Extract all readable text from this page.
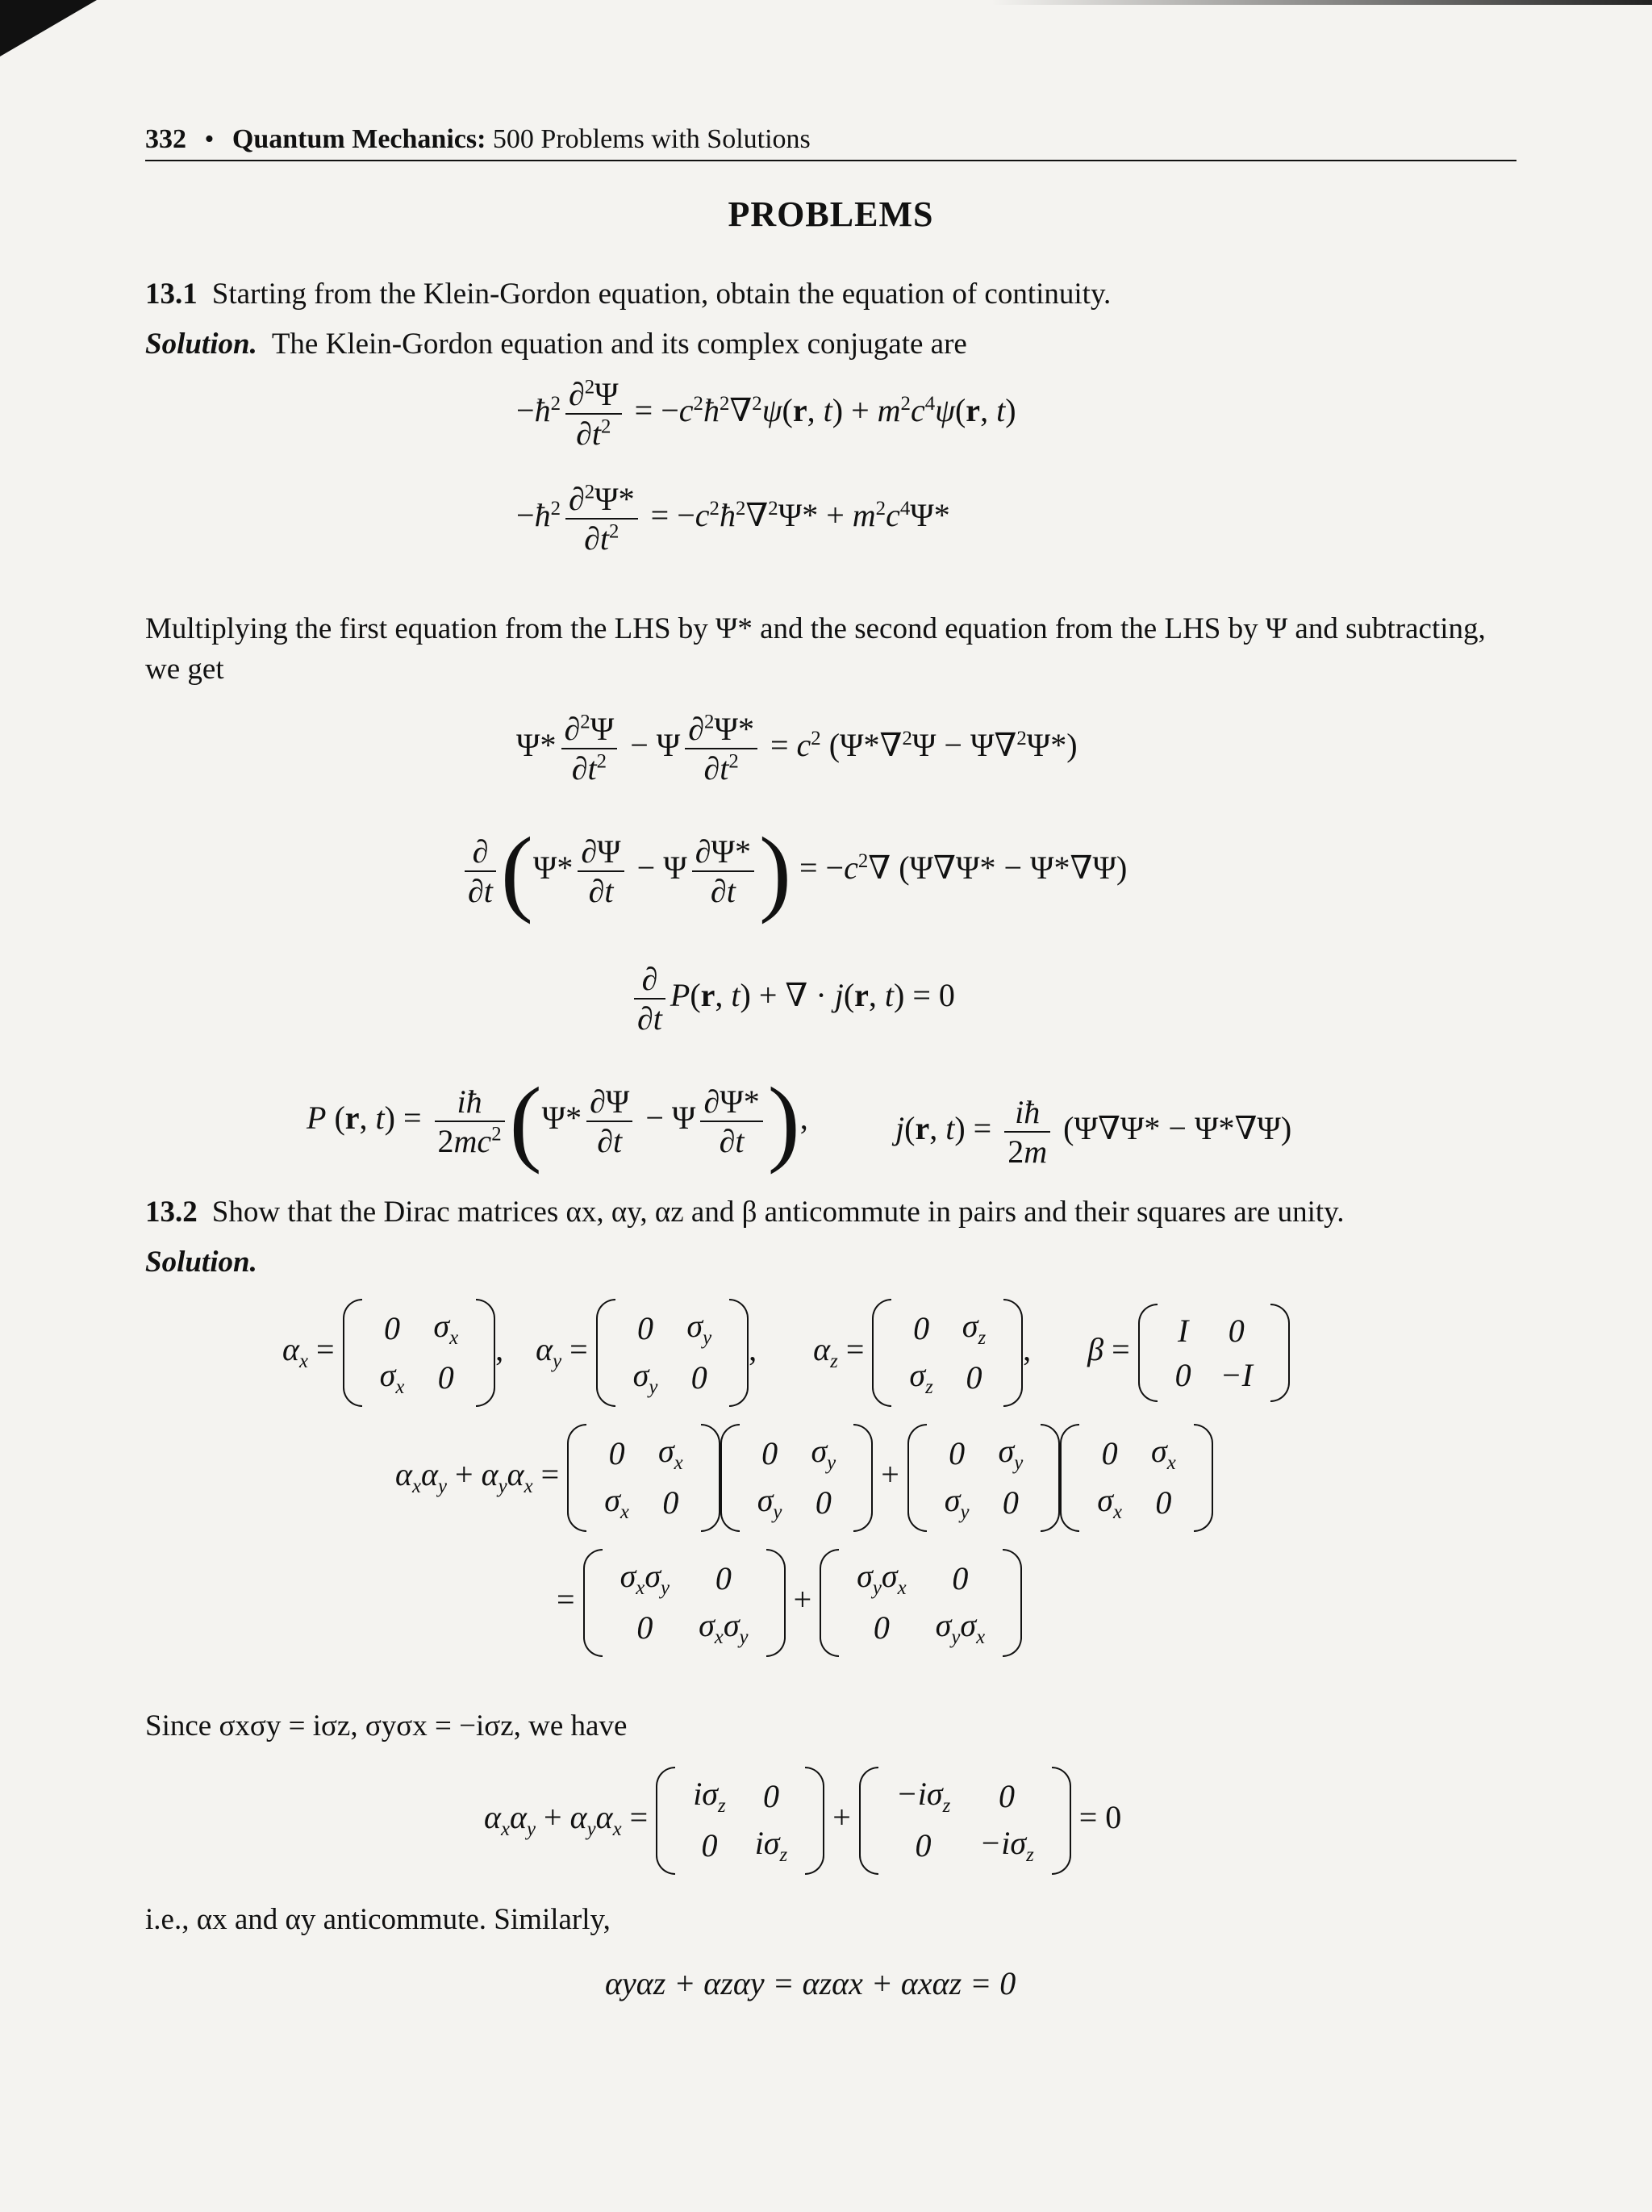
332 • Quantum Mechanics: 500 Problems with Solutions
PROBLEMS
13.1 Starting from the Klein-Gordon equation, obtain the equation of continuity.
Solution. The Klein-Gordon equation and its complex conjugate are
$-ħ^2 \frac{\partial^2\Psi}{\partial t^2}$ = $-c^2ħ^2\nabla^2\psi(r$, $t) + m^2c^4\psi(r$, t)
$-ħ^2 \frac{\partial^2\Psi*}{\partial t^2}$ = $-c^2ħ^2\nabla^2\Psi* + m^2c^4\Psi*$
Multiplying the first equation from the LHS by Ψ* and the second equation from the LHS by Ψ and subtracting, we get
$\Psi* \frac{\partial^2\Psi}{\partial t^2} - \Psi \frac{\partial^2\Psi*}{\partial t^2} = c^2$ (Ψ*∇$^2$Ψ − Ψ∇$^2$Ψ*)
$\frac{\partial}{\partial t} (\Psi* \frac{\partial\Psi}{\partial t} - \Psi \frac{\partial\Psi*}{\partial t}$ ) = $-c^2\nabla$ (Ψ∇Ψ* − Ψ*∇Ψ)
$\frac{\partial}{\partial t} P(r$, t) + ∇ · j(r, t) = 0
P (r, $t) = \frac{iħ}{2mc^2} (\Psi* \frac{\partial\Psi}{\partial t} - \Psi \frac{\partial\Psi*}{\partial t}$ ),	j(r, $t) = \frac{iħ}{2m} (\Psi\nabla\Psi* - \Psi*\nabla\Psi)$
13.2 Show that the Dirac matrices αx, αy, αz and β anticommute in pairs and their squares are unity.
Solution.
$\alpha_x$ =
0	$\sigma_x$
$\sigma_x$	0
, $\alpha_y$ =
0	$\sigma_y$
$\sigma_y$	0
, $\alpha_z$ =
0	$\sigma_z$
$\sigma_z$	0
, β =
I	0
0	−I
$\alpha_x\alpha_y + \alpha_y\alpha_x$ =
0	$\sigma_x$
$\sigma_x$	0
0	$\sigma_y$
$\sigma_y$	0
+
0	$\sigma_y$
$\sigma_y$	0
0	$\sigma_x$
$\sigma_x$	0
=
$\sigma_x\sigma_y$	0
0	$\sigma_x\sigma_y$
+
$\sigma_y\sigma_x$	0
0	$\sigma_y\sigma_x$
Since σxσy = iσz, σyσx = −iσz, we have
$\alpha_x\alpha_y + \alpha_y\alpha_x$ =
$i\sigma_z$	0
0	$i\sigma_z$
+
$-i\sigma_z$	0
0	$-i\sigma_z$
= 0
i.e., αx and αy anticommute. Similarly,
αyαz + αzαy = αzαx + αxαz = 0
